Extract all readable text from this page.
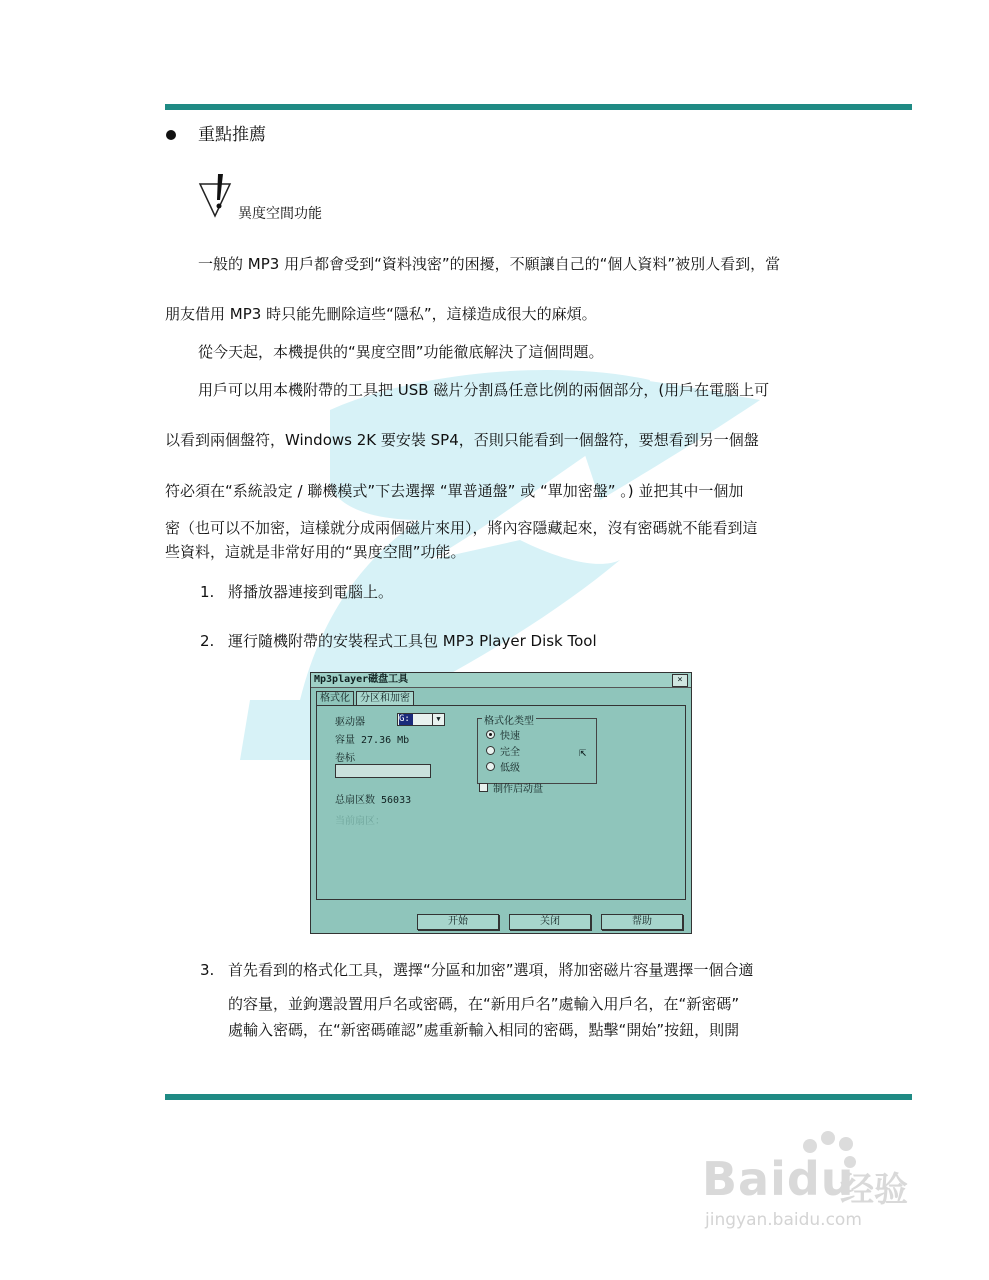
重點推薦
異度空間功能
一般的 MP3 用戶都會受到“資料洩密”的困擾，不願讓自己的“個人資料”被別人看到，當
朋友借用 MP3 時只能先刪除這些“隱私”，這樣造成很大的麻煩。
從今天起，本機提供的“異度空間”功能徹底解決了這個問題。
用戶可以用本機附帶的工具把 USB 磁片分割爲任意比例的兩個部分，(用戶在電腦上可
以看到兩個盤符，Windows 2K 要安裝 SP4，否則只能看到一個盤符，要想看到另一個盤
符必須在“系統設定 / 聯機模式”下去選擇 “單普通盤” 或 “單加密盤” 。) 並把其中一個加
密（也可以不加密，這樣就分成兩個磁片來用），將內容隱藏起來，沒有密碼就不能看到這
些資料，這就是非常好用的“異度空間”功能。
1. 將播放器連接到電腦上。
2. 運行隨機附帶的安裝程式工具包 MP3 Player Disk Tool
Mp3player磁盘工具	×
格式化 分区和加密
驱动器	G:	▼
容量 27.36 Mb
卷标
总扇区数 56033
当前扇区：
格式化类型
快速
完全
低级
⇱
制作启动盘
开始	关闭	帮助
3. 首先看到的格式化工具，選擇“分區和加密”選項，將加密磁片容量選擇一個合適
的容量，並鉤選設置用戶名或密碼，在“新用戶名”處輸入用戶名，在“新密碼”
處輸入密碼，在“新密碼確認”處重新輸入相同的密碼，點擊“開始”按鈕，則開
Baidu
经验
jingyan.baidu.com
